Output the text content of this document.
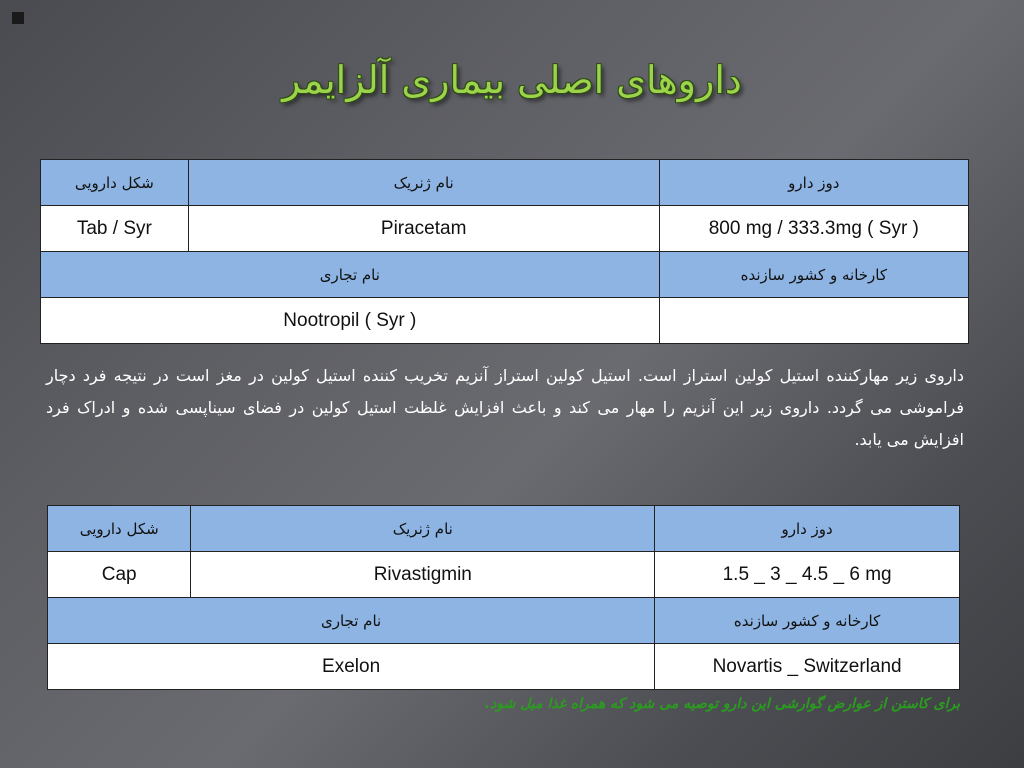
داروهای اصلی بیماری آلزایمر
شکل دارویی	نام ژنریک	دوز دارو
Tab / Syr	Piracetam	800 mg / 333.3mg ( Syr )
نام تجاری		کارخانه و کشور سازنده
Nootropil ( Syr )		
داروی زیر مهارکننده استیل کولین استراز است. استیل کولین استراز آنزیم تخریب کننده استیل کولین در مغز است در نتیجه فرد دچار فراموشی می گردد. داروی زیر این آنزیم را مهار می کند و باعث افزایش غلظت استیل کولین در فضای سیناپسی شده و ادراک فرد افزایش می یابد.
شکل دارویی	نام ژنریک	دوز دارو
Cap	Rivastigmin	1.5 _ 3 _ 4.5 _ 6 mg
نام تجاری		کارخانه و کشور سازنده
Exelon		Novartis _ Switzerland
برای کاستن از عوارض گوارشی این دارو توصیه می شود که همراه غذا میل شود.
